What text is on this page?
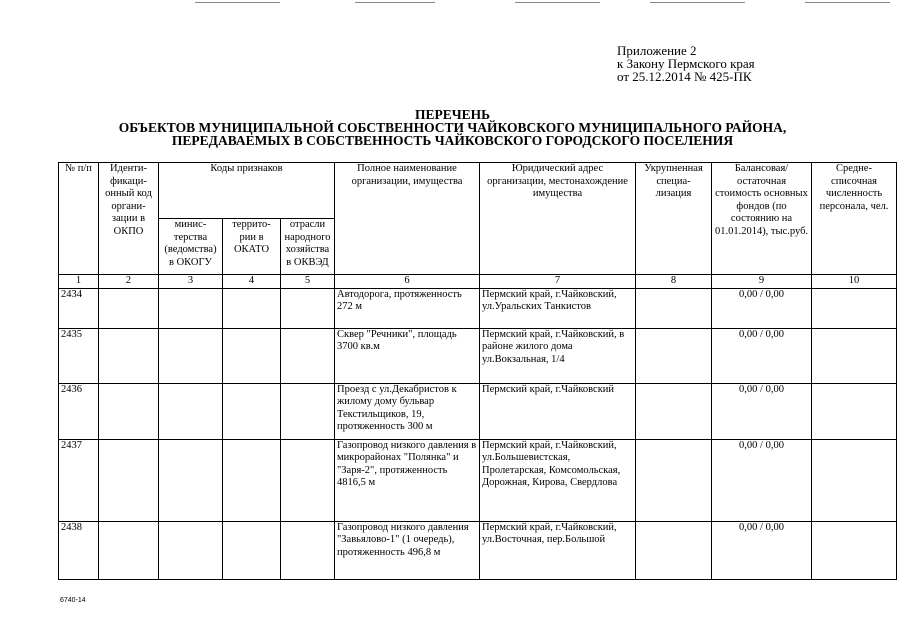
Приложение 2
к Закону Пермского края
от 25.12.2014 № 425-ПК
ПЕРЕЧЕНЬ
ОБЪЕКТОВ МУНИЦИПАЛЬНОЙ СОБСТВЕННОСТИ ЧАЙКОВСКОГО МУНИЦИПАЛЬНОГО РАЙОНА,
ПЕРЕДАВАЕМЫХ В СОБСТВЕННОСТЬ ЧАЙКОВСКОГО ГОРОДСКОГО ПОСЕЛЕНИЯ
№ п/п	Иденти- фикаци- онный код органи- зации в ОКПО	Коды признаков			Полное наименование организации, имущества	Юридический адрес организации, местонахождение имущества	Укрупненная специа- лизация	Балансовая/ остаточная стоимость основных фондов (по состоянию на 01.01.2014), тыс.руб.	Средне- списочная численность персонала, чел.
		минис- терства (ведомства) в ОКОГУ	террито- рии в ОКАТО	отрасли народного хозяйства в ОКВЭД					
1	2	3	4	5	6	7	8	9	10
2434					Автодорога, протяженность 272 м	Пермский край, г.Чайковский, ул.Уральских Танкистов		0,00 / 0,00	
2435					Сквер "Речники", площадь 3700 кв.м	Пермский край, г.Чайковский, в районе жилого дома ул.Вокзальная, 1/4		0,00 / 0,00	
2436					Проезд с ул.Декабристов к жилому дому бульвар Текстильщиков, 19, протяженность 300 м	Пермский край, г.Чайковский		0,00 / 0,00	
2437					Газопровод низкого давления в микрорайонах "Полянка" и "Заря-2", протяженность 4816,5 м	Пермский край, г.Чайковский, ул.Большевистская, Пролетарская, Комсомольская, Дорожная, Кирова, Свердлова		0,00 / 0,00	
2438					Газопровод низкого давления "Завьялово-1" (1 очередь), протяженность 496,8 м	Пермский край, г.Чайковский, ул.Восточная, пер.Большой		0,00 / 0,00	
6740-14
